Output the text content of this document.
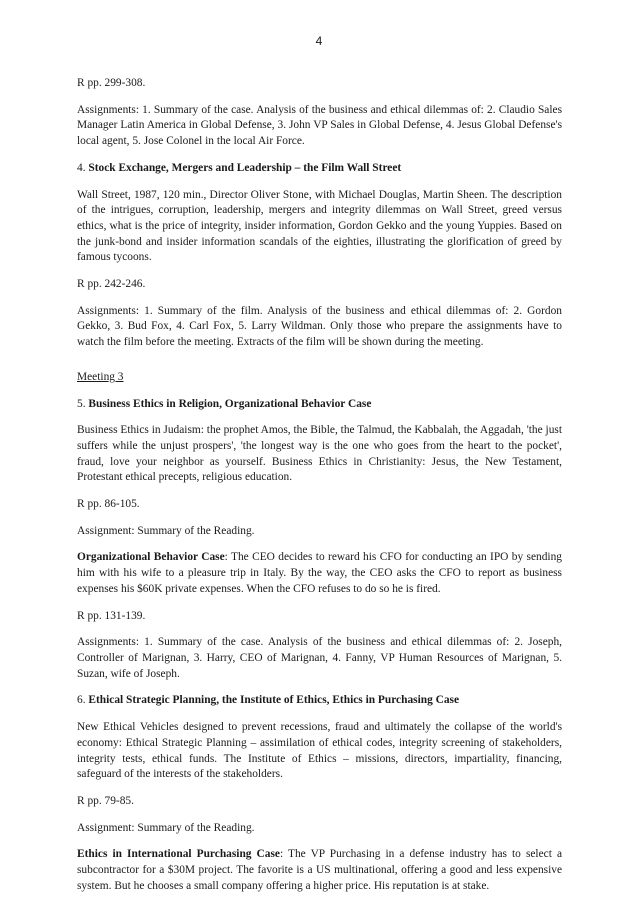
4

R pp. 299-308.

Assignments: 1. Summary of the case. Analysis of the business and ethical dilemmas of: 2. Claudio Sales Manager Latin America in Global Defense, 3. John VP Sales in Global Defense, 4. Jesus Global Defense's local agent, 5. Jose Colonel in the local Air Force.

4. Stock Exchange, Mergers and Leadership – the Film Wall Street

Wall Street, 1987, 120 min., Director Oliver Stone, with Michael Douglas, Martin Sheen. The description of the intrigues, corruption, leadership, mergers and integrity dilemmas on Wall Street, greed versus ethics, what is the price of integrity, insider information, Gordon Gekko and the young Yuppies. Based on the junk-bond and insider information scandals of the eighties, illustrating the glorification of greed by famous tycoons.

R pp. 242-246.

Assignments: 1. Summary of the film. Analysis of the business and ethical dilemmas of: 2. Gordon Gekko, 3. Bud Fox, 4. Carl Fox, 5. Larry Wildman. Only those who prepare the assignments have to watch the film before the meeting. Extracts of the film will be shown during the meeting.

Meeting 3

5. Business Ethics in Religion, Organizational Behavior Case

Business Ethics in Judaism: the prophet Amos, the Bible, the Talmud, the Kabbalah, the Aggadah, 'the just suffers while the unjust prospers', 'the longest way is the one who goes from the heart to the pocket', fraud, love your neighbor as yourself. Business Ethics in Christianity: Jesus, the New Testament, Protestant ethical precepts, religious education.

R pp. 86-105.

Assignment: Summary of the Reading.

Organizational Behavior Case: The CEO decides to reward his CFO for conducting an IPO by sending him with his wife to a pleasure trip in Italy. By the way, the CEO asks the CFO to report as business expenses his $60K private expenses. When the CFO refuses to do so he is fired.

R pp. 131-139.

Assignments: 1. Summary of the case. Analysis of the business and ethical dilemmas of: 2. Joseph, Controller of Marignan, 3. Harry, CEO of Marignan, 4. Fanny, VP Human Resources of Marignan, 5. Suzan, wife of Joseph.

6. Ethical Strategic Planning, the Institute of Ethics, Ethics in Purchasing Case

New Ethical Vehicles designed to prevent recessions, fraud and ultimately the collapse of the world's economy: Ethical Strategic Planning – assimilation of ethical codes, integrity screening of stakeholders, integrity tests, ethical funds. The Institute of Ethics – missions, directors, impartiality, financing, safeguard of the interests of the stakeholders.

R pp. 79-85.

Assignment: Summary of the Reading.

Ethics in International Purchasing Case: The VP Purchasing in a defense industry has to select a subcontractor for a $30M project. The favorite is a US multinational, offering a good and less expensive system. But he chooses a small company offering a higher price. His reputation is at stake.
